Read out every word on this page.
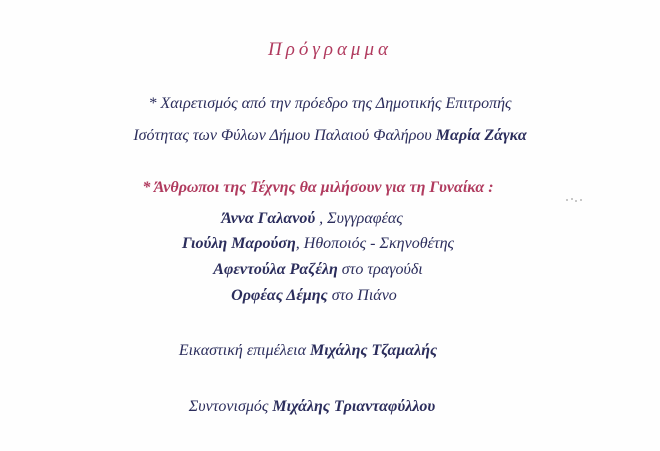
Πρόγραμμα
* Χαιρετισμός από την πρόεδρο της Δημοτικής Επιτροπής
Ισότητας των Φύλων Δήμου Παλαιού Φαλήρου Μαρία Ζάγκα
* Άνθρωποι της Τέχνης θα μιλήσουν για τη Γυναίκα :
Άννα Γαλανού , Συγγραφέας
Γιούλη Μαρούση, Ηθοποιός - Σκηνοθέτης
Αφεντούλα Ραζέλη στο τραγούδι
Ορφέας Δέμης στο Πιάνο
Εικαστική επιμέλεια Μιχάλης Τζαμαλής
Συντονισμός Μιχάλης Τριανταφύλλου
